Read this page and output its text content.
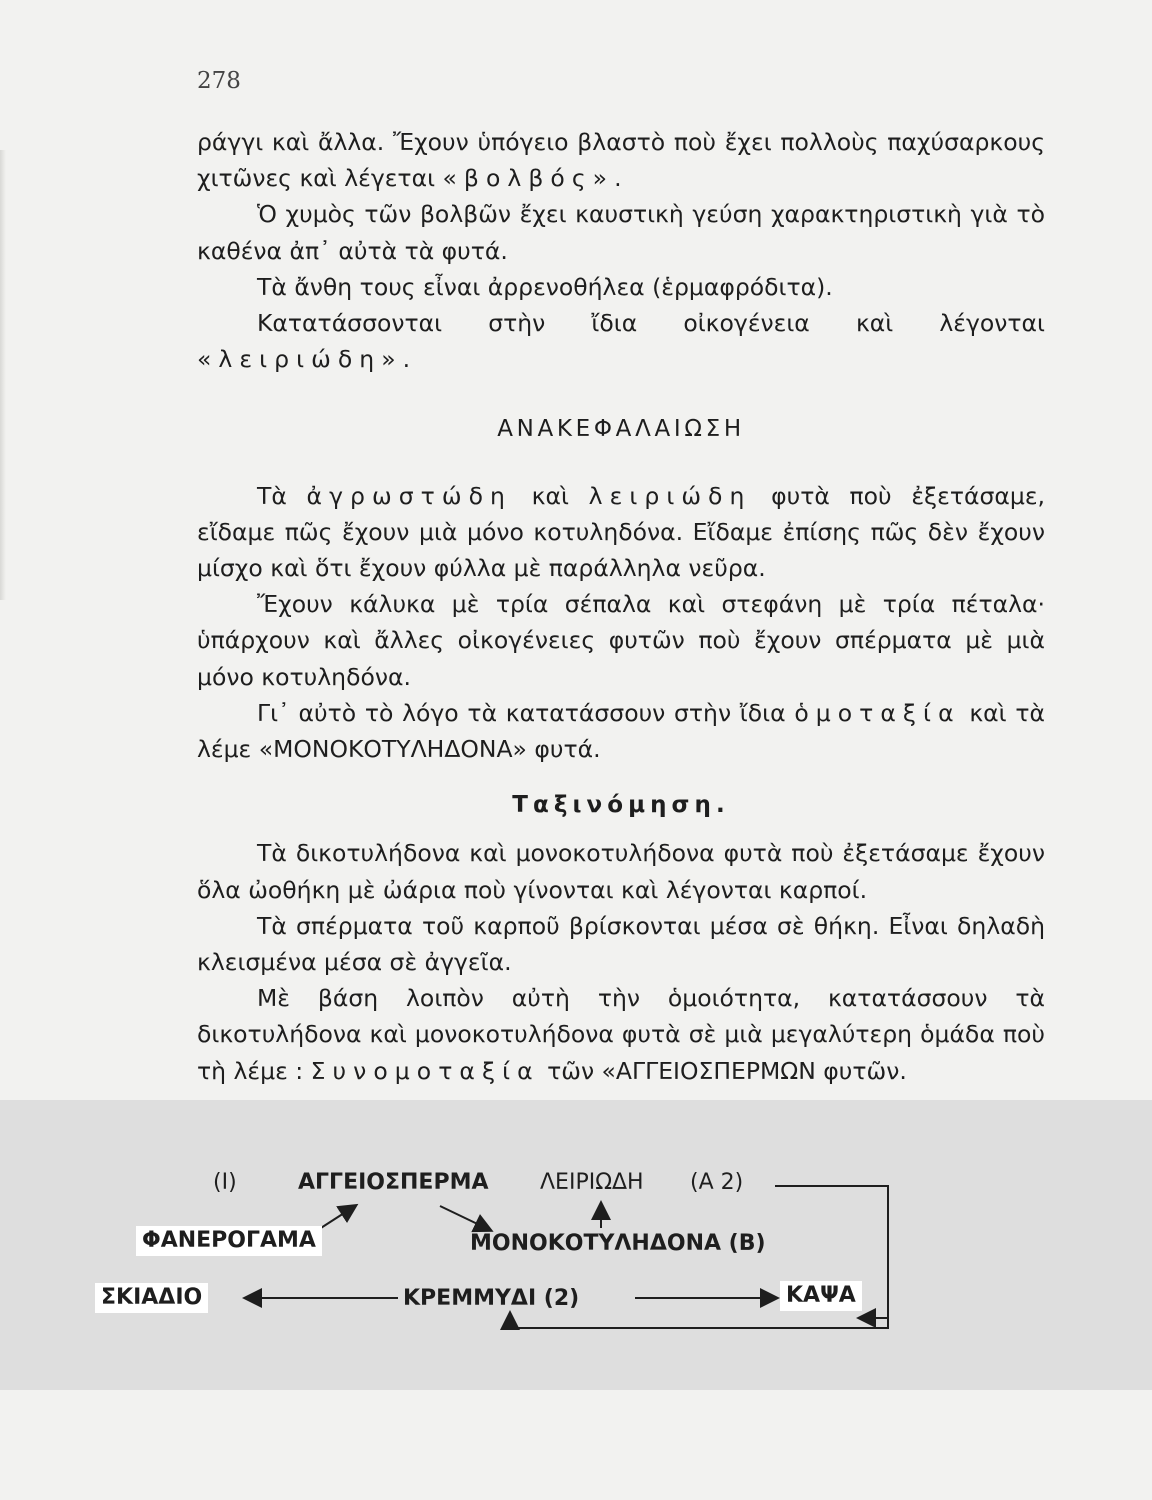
278

ράγγι καὶ ἄλλα. Ἔχουν ὑπόγειο βλαστὸ ποὺ ἔχει πολλοὺς παχύσαρκους χιτῶνες καὶ λέγεται «βολβός».

Ὁ χυμὸς τῶν βολβῶν ἔχει καυστικὴ γεύση χαρακτηριστικὴ γιὰ τὸ καθένα ἀπ᾽ αὐτὰ τὰ φυτά.

Τὰ ἄνθη τους εἶναι ἀρρενοθήλεα (ἑρμαφρόδιτα).

Κατατάσσονται στὴν ἴδια οἰκογένεια καὶ λέγονται «λειριώδη».

ΑΝΑΚΕΦΑΛΑΙΩΣΗ

Τὰ ἀγρωστώδη καὶ λειριώδη φυτὰ ποὺ ἐξετάσαμε, εἴδαμε πῶς ἔχουν μιὰ μόνο κοτυληδόνα. Εἴδαμε ἐπίσης πῶς δὲν ἔχουν μίσχο καὶ ὅτι ἔχουν φύλλα μὲ παράλληλα νεῦρα.

Ἔχουν κάλυκα μὲ τρία σέπαλα καὶ στεφάνη μὲ τρία πέταλα· ὑπάρχουν καὶ ἄλλες οἰκογένειες φυτῶν ποὺ ἔχουν σπέρματα μὲ μιὰ μόνο κοτυληδόνα.

Γι᾽ αὐτὸ τὸ λόγο τὰ κατατάσσουν στὴν ἴδια ὁμοταξία καὶ τὰ λέμε «ΜΟΝΟΚΟΤΥΛΗΔΟΝΑ» φυτά.

Ταξινόμηση.

Τὰ δικοτυλήδονα καὶ μονοκοτυλήδονα φυτὰ ποὺ ἐξετάσαμε ἔχουν ὅλα ὠοθήκη μὲ ὠάρια ποὺ γίνονται καὶ λέγονται καρποί.

Τὰ σπέρματα τοῦ καρποῦ βρίσκονται μέσα σὲ θήκη. Εἶναι δηλαδὴ κλεισμένα μέσα σὲ ἀγγεῖα.

Μὲ βάση λοιπὸν αὐτὴ τὴν ὁμοιότητα, κατατάσσουν τὰ δικοτυλήδονα καὶ μονοκοτυλήδονα φυτὰ σὲ μιὰ μεγαλύτερη ὁμάδα ποὺ τὴ λέμε : Συνομοταξία τῶν «ΑΓΓΕΙΟΣΠΕΡΜΩΝ φυτῶν.

(Ι)	ΑΓΓΕΙΟΣΠΕΡΜΑ ΛΕΙΡΙΩΔΗ (Α 2)
ΦΑΝΕΡΟΓΑΜΑ	ΜΟΝΟΚΟΤΥΛΗΔΟΝΑ (Β)
ΣΚΙΑΔΙΟ	ΚΡΕΜΜΥΔΙ (2)	ΚΑΨΑ
